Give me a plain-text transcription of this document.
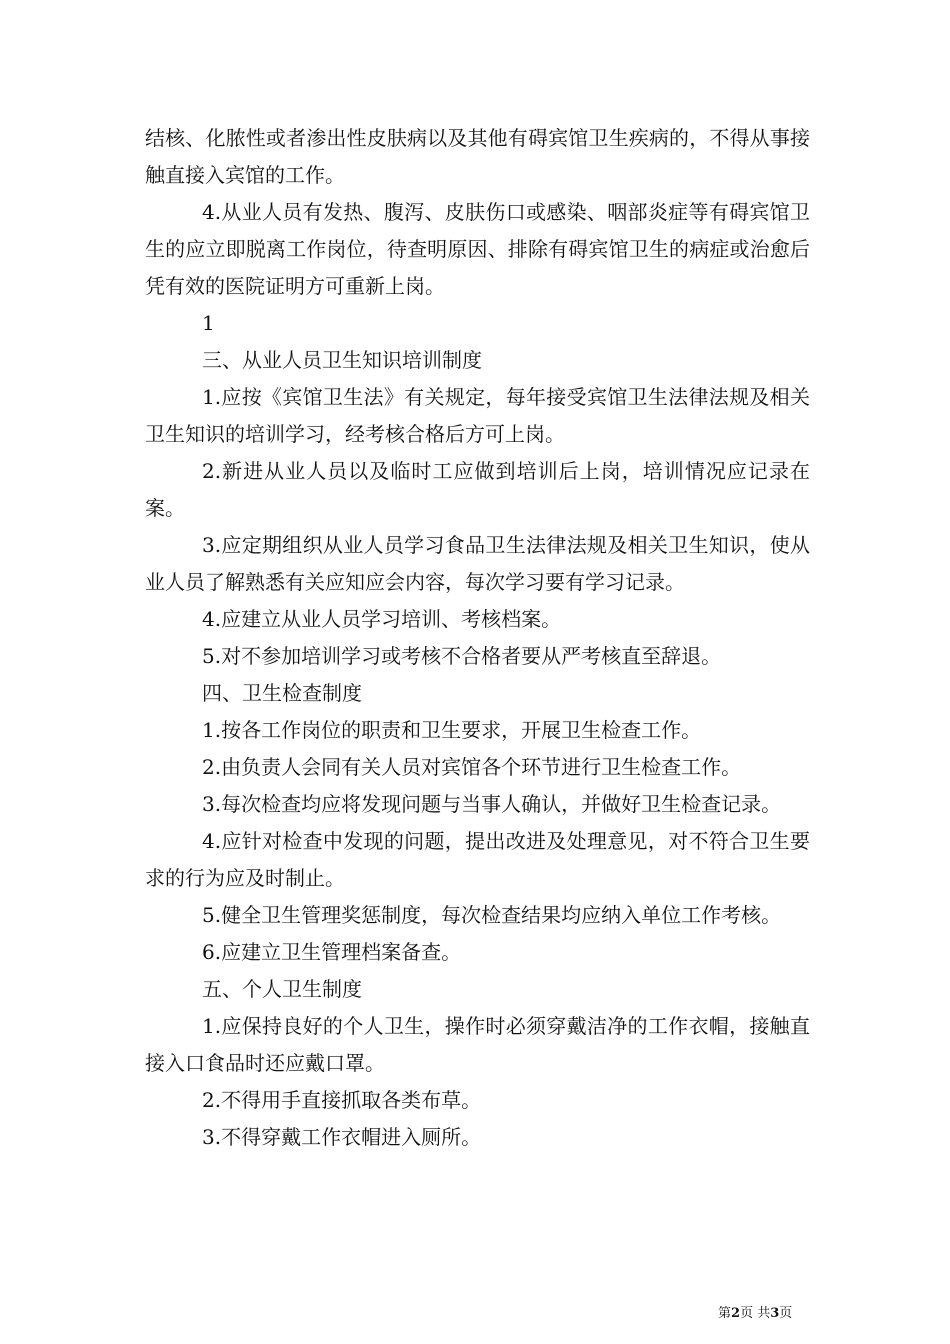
结核、化脓性或者渗出性皮肤病以及其他有碍宾馆卫生疾病的，不得从事接触直接入宾馆的工作。

4.从业人员有发热、腹泻、皮肤伤口或感染、咽部炎症等有碍宾馆卫生的应立即脱离工作岗位，待查明原因、排除有碍宾馆卫生的病症或治愈后凭有效的医院证明方可重新上岗。

1

三、从业人员卫生知识培训制度

1.应按《宾馆卫生法》有关规定，每年接受宾馆卫生法律法规及相关卫生知识的培训学习，经考核合格后方可上岗。

2.新进从业人员以及临时工应做到培训后上岗，培训情况应记录在案。

3.应定期组织从业人员学习食品卫生法律法规及相关卫生知识，使从业人员了解熟悉有关应知应会内容，每次学习要有学习记录。

4.应建立从业人员学习培训、考核档案。

5.对不参加培训学习或考核不合格者要从严考核直至辞退。

四、卫生检查制度

1.按各工作岗位的职责和卫生要求，开展卫生检查工作。

2.由负责人会同有关人员对宾馆各个环节进行卫生检查工作。

3.每次检查均应将发现问题与当事人确认，并做好卫生检查记录。

4.应针对检查中发现的问题，提出改进及处理意见，对不符合卫生要求的行为应及时制止。

5.健全卫生管理奖惩制度，每次检查结果均应纳入单位工作考核。

6.应建立卫生管理档案备查。

五、个人卫生制度

1.应保持良好的个人卫生，操作时必须穿戴洁净的工作衣帽，接触直接入口食品时还应戴口罩。

2.不得用手直接抓取各类布草。

3.不得穿戴工作衣帽进入厕所。

第2页 共3页
